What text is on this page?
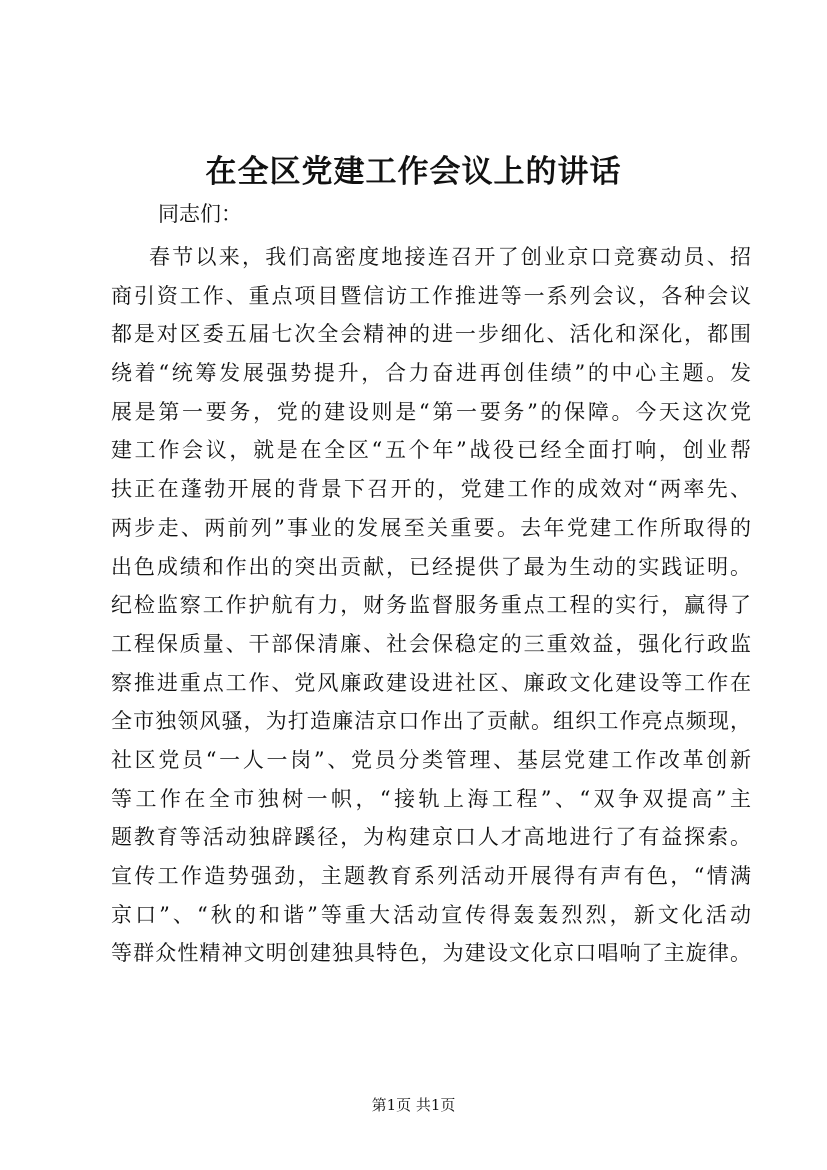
在全区党建工作会议上的讲话

同志们：

春节以来，我们高密度地接连召开了创业京口竞赛动员、招
商引资工作、重点项目暨信访工作推进等一系列会议，各种会议
都是对区委五届七次全会精神的进一步细化、活化和深化，都围
绕着“统筹发展强势提升，合力奋进再创佳绩”的中心主题。发
展是第一要务，党的建设则是“第一要务”的保障。今天这次党
建工作会议，就是在全区“五个年”战役已经全面打响，创业帮
扶正在蓬勃开展的背景下召开的，党建工作的成效对“两率先、
两步走、两前列”事业的发展至关重要。去年党建工作所取得的
出色成绩和作出的突出贡献，已经提供了最为生动的实践证明。
纪检监察工作护航有力，财务监督服务重点工程的实行，赢得了
工程保质量、干部保清廉、社会保稳定的三重效益，强化行政监
察推进重点工作、党风廉政建设进社区、廉政文化建设等工作在
全市独领风骚，为打造廉洁京口作出了贡献。组织工作亮点频现，
社区党员“一人一岗”、党员分类管理、基层党建工作改革创新
等工作在全市独树一帜，“接轨上海工程”、“双争双提高”主
题教育等活动独辟蹊径，为构建京口人才高地进行了有益探索。
宣传工作造势强劲，主题教育系列活动开展得有声有色，“情满
京口”、“秋的和谐”等重大活动宣传得轰轰烈烈，新文化活动
等群众性精神文明创建独具特色，为建设文化京口唱响了主旋律。
第1页 共1页
